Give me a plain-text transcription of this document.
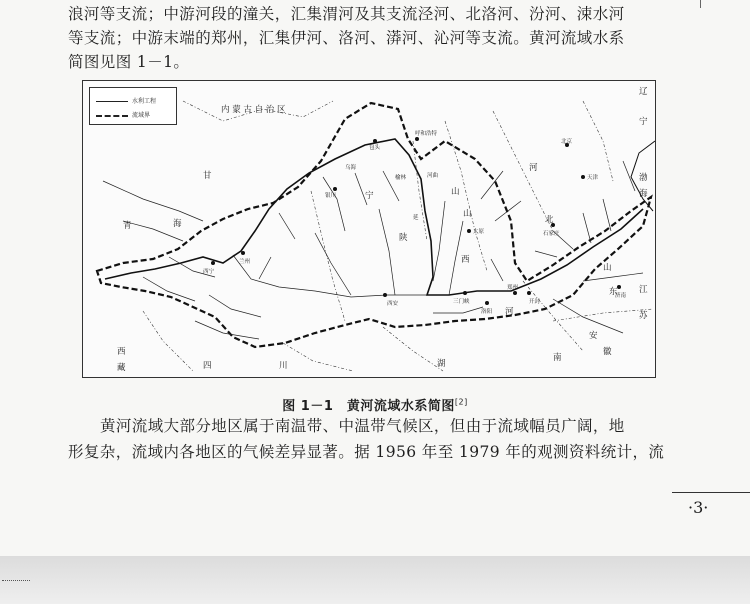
浪河等支流；中游河段的潼关，汇集渭河及其支流泾河、北洛河、汾河、涑水河
等支流；中游末端的郑州，汇集伊河、洛河、漭河、沁河等支流。黄河流域水系
简图见图 1－1。
水利工程
流域界
内 蒙 古 自 治 区
甘
青	海
宁
陕
山
西
河
南
河
北
山
东
四	川
西
藏
辽
宁
渤
海
江
苏
安
徽
湖
西安
郑州
兰州
西宁
太原	石家庄
北京
天津
济南
呼和浩特
银川
包头
三门峡
洛阳
开封
河曲
延
榆林
乌海
山
图 1－1　黄河流域水系简图[2]
黄河流域大部分地区属于南温带、中温带气候区，但由于流域幅员广阔，地
形复杂，流域内各地区的气候差异显著。据 1956 年至 1979 年的观测资料统计，流
·3·
